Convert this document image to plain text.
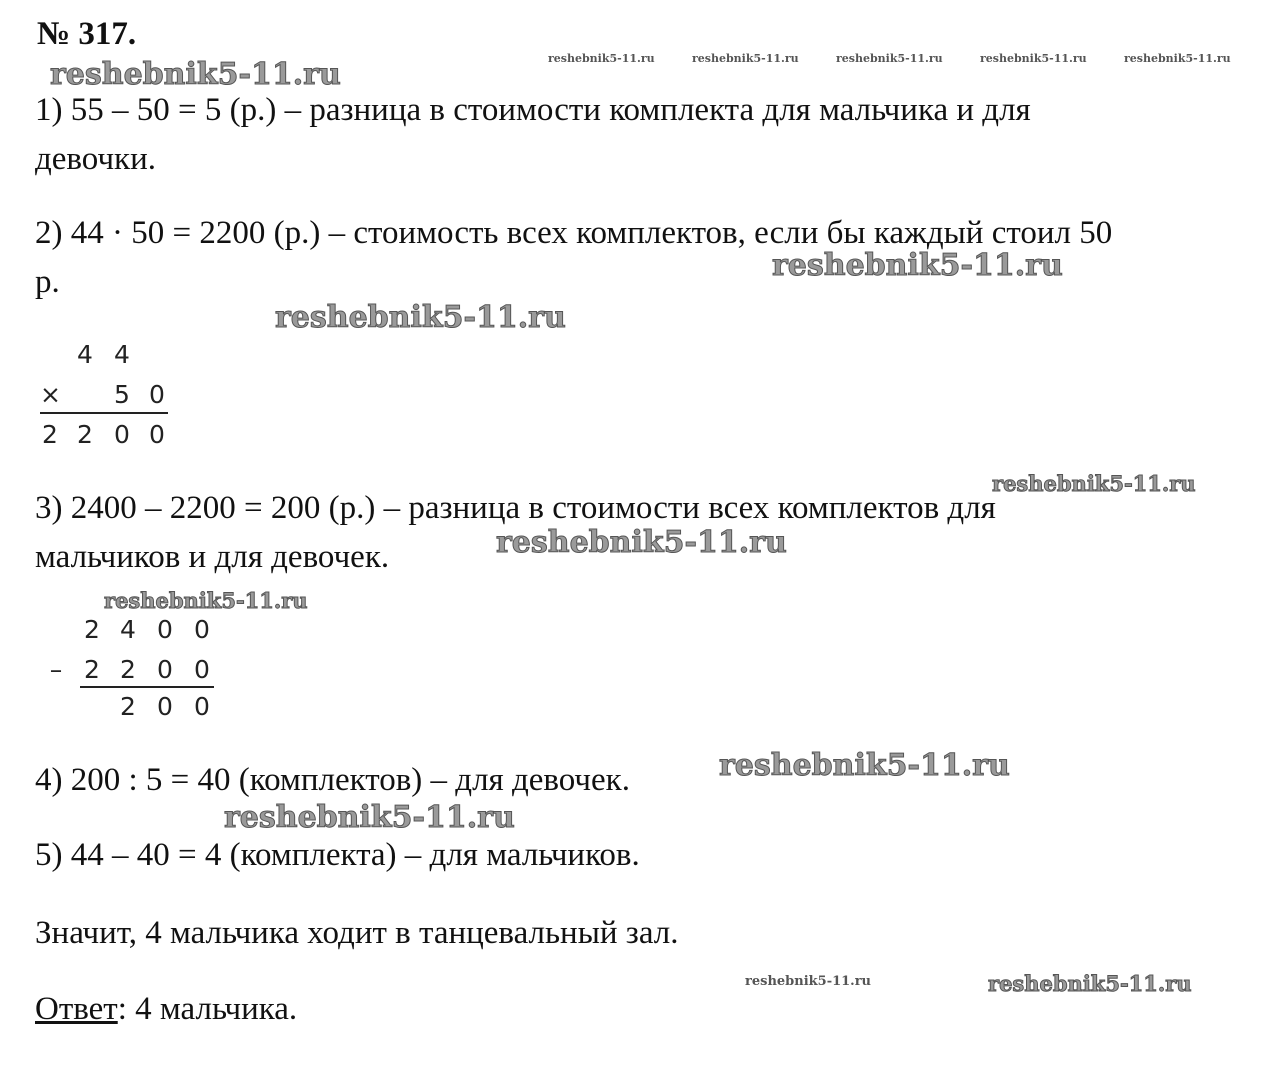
№ 317.
reshebnik5-11.ru	reshebnik5-11.ru	reshebnik5-11.ru	reshebnik5-11.ru	reshebnik5-11.ru	reshebnik5-11.ru
reshebnik5-11.ru
reshebnik5-11.ru
reshebnik5-11.ru
reshebnik5-11.ru
reshebnik5-11.ru
reshebnik5-11.ru
reshebnik5-11.ru
reshebnik5-11.ru	reshebnik5-11.ru
1) 55 – 50 = 5 (р.) – разница в стоимости комплекта для мальчика и для
девочки.
2) 44 · 50 = 2200 (р.) – стоимость всех комплектов, если бы каждый стоил 50
р.
4 4
× 5 0
2 2 0 0
3) 2400 – 2200 = 200 (р.) – разница в стоимости всех комплектов для
мальчиков и для девочек.
2 4 0 0
– 2 2 0 0
2 0 0
4) 200 : 5 = 40 (комплектов) – для девочек.
5) 44 – 40 = 4 (комплекта) – для мальчиков.
Значит, 4 мальчика ходит в танцевальный зал.
Ответ: 4 мальчика.
